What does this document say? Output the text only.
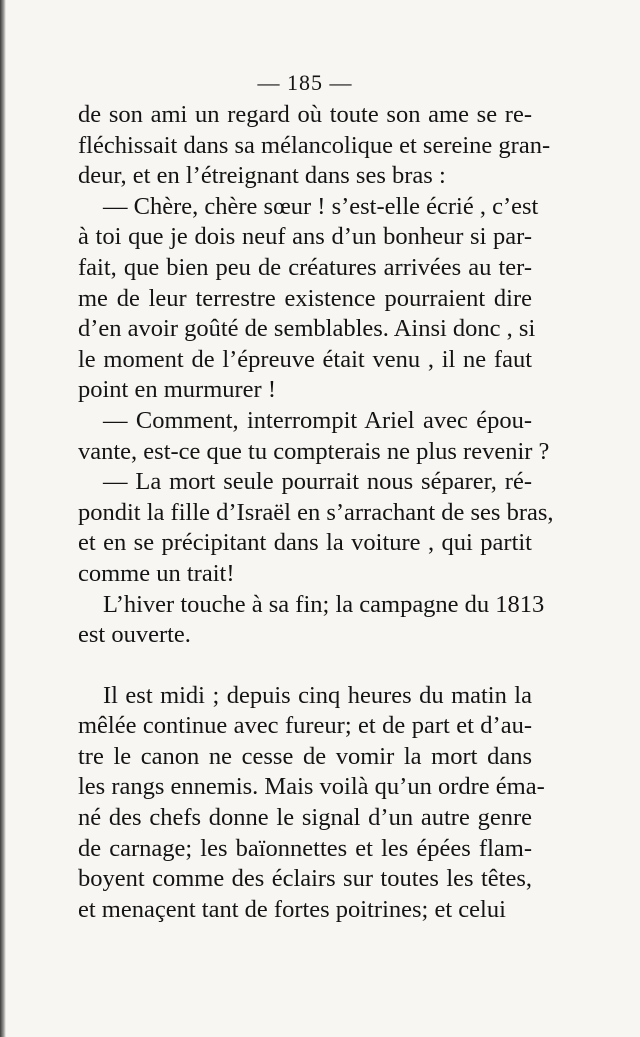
— 185 —
de son ami un regard où toute son ame se re-
fléchissait dans sa mélancolique et sereine gran-
deur, et en l’étreignant dans ses bras :
— Chère, chère sœur ! s’est-elle écrié , c’est
à toi que je dois neuf ans d’un bonheur si par-
fait, que bien peu de créatures arrivées au ter-
me de leur terrestre existence pourraient dire
d’en avoir goûté de semblables. Ainsi donc , si
le moment de l’épreuve était venu , il ne faut
point en murmurer !
— Comment, interrompit Ariel avec épou-
vante, est-ce que tu compterais ne plus revenir ?
— La mort seule pourrait nous séparer, ré-
pondit la fille d’Israël en s’arrachant de ses bras,
et en se précipitant dans la voiture , qui partit
comme un trait!
L’hiver touche à sa fin; la campagne du 1813
est ouverte.
Il est midi ; depuis cinq heures du matin la
mêlée continue avec fureur; et de part et d’au-
tre le canon ne cesse de vomir la mort dans
les rangs ennemis. Mais voilà qu’un ordre éma-
né des chefs donne le signal d’un autre genre
de carnage; les baïonnettes et les épées flam-
boyent comme des éclairs sur toutes les têtes,
et menaçent tant de fortes poitrines; et celui
